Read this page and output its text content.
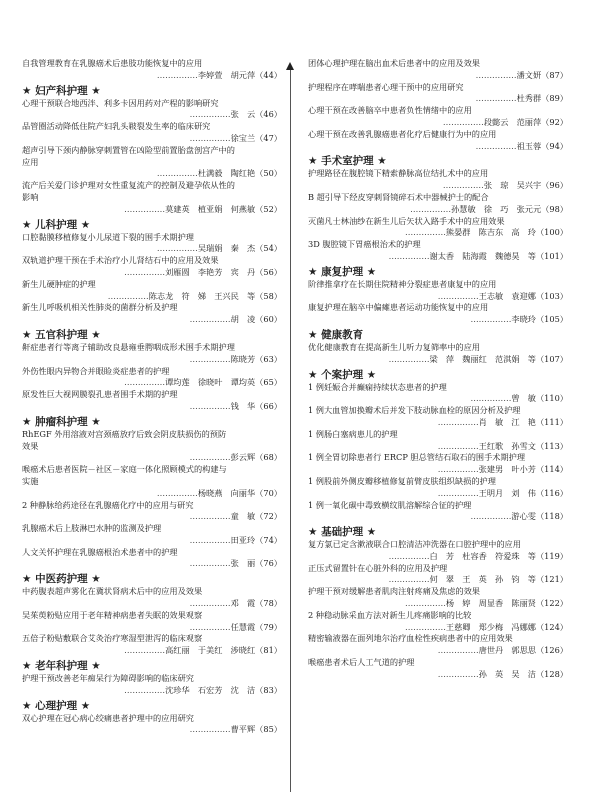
自我管理教育在乳腺癌术后患肢功能恢复中的应用
……………李婷萱　胡元萍（44）
★ 妇产科护理 ★
心理干预联合地西泮、利多卡因用药对产程的影响研究
……………张　云（46）
品管圈活动降低住院产妇乳头皲裂发生率的临床研究
……………徐宝兰（47）
超声引导下颈内静脉穿刺置管在凶险型前置胎盘剖宫产中的
应用
……………杜满毅　陶红艳（50）
流产后关爱门诊护理对女性重复流产的控制及避孕依从性的
影响
……………莫建英　植亚娟　何燕敏（52）
★ 儿科护理 ★
口腔黏膜移植修复小儿尿道下裂的围手术期护理
……………吴瑞娟　秦　杰（54）
双轨道护理干预在手术治疗小儿肾结石中的应用及效果
……………刘雁圆　李艳芳　宾　丹（56）
新生儿硬肿症的护理
……………陈志龙　符　娣　王兴民　等（58）
新生儿呼吸机相关性肺炎的菌群分析及护理
……………胡　凌（60）
★ 五官科护理 ★
鼾症患者行等离子辅助改良悬雍垂腭咽成形术围手术期护理
……………陈晓芳（63）
外伤性眼内异物合并眼睑炎症患者的护理
……………谭均莲　徐晓叶　谭均英（65）
原发性巨大视网膜裂孔患者围手术期的护理
……………钱　华（66）
★ 肿瘤科护理 ★
RhEGF 外用溶液对宫颈癌放疗后致会阴皮肤损伤的预防
效果
……………彭云辉（68）
喉癌术后患者医院－社区－家庭一体化照顾模式的构建与
实施
……………杨晓燕　向丽华（70）
2 种静脉给药途径在乳腺癌化疗中的应用与研究
……………童　敏（72）
乳腺癌术后上肢淋巴水肿的监测及护理
……………田亚玲（74）
人文关怀护理在乳腺癌根治术患者中的护理
……………张　丽（76）
★ 中医药护理 ★
中药腹表超声雾化在冀状肾病术后中的应用及效果
……………邓　霞（78）
吴茱萸粉贴应用于老年精神病患者失眠的效果观察
……………任慧霞（79）
五倍子粉贴敷联合艾灸治疗寒湿型泄泻的临床观察
……………高红丽　于美红　涉晓红（81）
★ 老年科护理 ★
护理干预改善老年痴呆行为障碍影响的临床研究
……………沈珍华　石宏芳　沈　洁（83）
★ 心理护理 ★
双心护理在冠心病心绞痛患者护理中的应用研究
……………曹平辉（85）
团体心理护理在脑出血术后患者中的应用及效果
……………潘文妍（87）
护理程序在哮喘患者心理干预中的应用研究
……………杜秀群（89）
心理干预在改善脑卒中患者负性情绪中的应用
……………段懿云　范丽萍（92）
心理干预在改善乳腺癌患者化疗后健康行为中的应用
……………祖玉蓉（94）
★ 手术室护理 ★
护理路径在腹腔镜下精索静脉高位结扎术中的应用
……………张　琼　吴兴宇（96）
B 超引导下经皮穿刺肾镜碎石术中器械护士的配合
……………孙慧敏　徐　巧　张元元（98）
灭菌凡士林油纱在新生儿后矢状入路手术中的应用效果
……………熊晏群　陈吉东　高　玲（100）
3D 腹腔镜下胃癌根治术的护理
……………谢太香　陆海霞　魏德昊　等（101）
★ 康复护理 ★
阶律推拿疗在长期住院精神分裂症患者康复中的应用
……………王志敏　袁迎娜（103）
康复护理在脑卒中偏瘫患者运动功能恢复中的应用
……………李晓玲（105）
★ 健康教育
优化健康教育在提高新生儿听力复筛率中的应用
……………梁　萍　魏丽红　范淇娟　等（107）
★ 个案护理 ★
1 例妊娠合并癫痫持续状态患者的护理
……………曾　敏（110）
1 例大血管加换瓣术后并发下肢动脉血栓的原因分析及护理
……………肖　敏　江　艳（111）
1 例肠白塞病患儿的护理
……………王红歌　孙雪文（113）
1 例全胃切除患者行 ERCP 胆总管结石取石的围手术期护理
……………张建男　叶小芳（114）
1 例股前外侧皮瓣移植修复前臂皮肤组织缺损的护理
……………王明月　刘　伟（116）
1 例一氧化碳中毒致横纹肌溶解综合征的护理
……………游心雯（118）
★ 基础护理 ★
复方氯已定含漱液联合口腔清洁冲洗器在口腔护理中的应用
……………白　芳　杜容香　符爱珠　等（119）
正压式留置针在心脏外科的应用及护理
……………何　翠　王　英　孙　钧　等（121）
护理干预对缓解患者肌肉注射疼痛及焦虑的效果
……………杨　婷　周显香　陈丽贤（122）
2 种稳动脉采血方法对新生儿疼痛影响的比较
……………王慈卿　郑少梅　冯娜娜（124）
精密输液器在面列地尔治疗血栓性疾病患者中的应用效果
……………唐世丹　郭思思（126）
喉癌患者术后人工气道的护理
……………孙　英　吴　洁（128）
